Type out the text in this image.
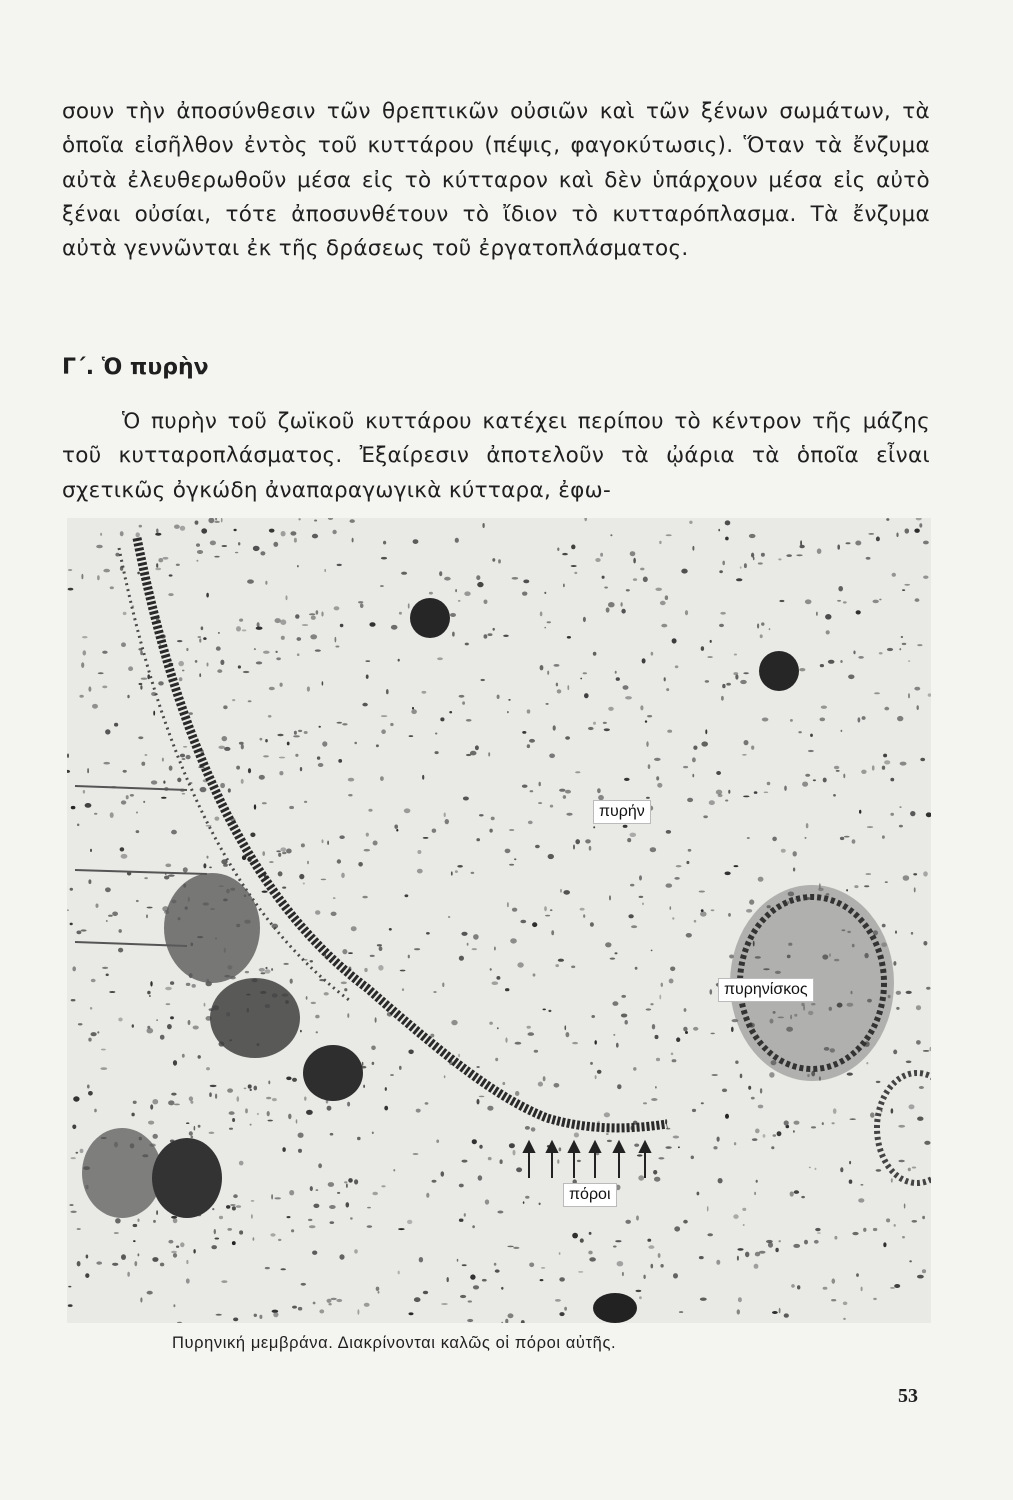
σουν τὴν ἀποσύνθεσιν τῶν θρεπτικῶν οὐσιῶν καὶ τῶν ξένων σωμάτων, τὰ ὁποῖα εἰσῆλθον ἐντὸς τοῦ κυττάρου (πέψις, φαγοκύτωσις). Ὅταν τὰ ἔνζυμα αὐτὰ ἐλευθερωθοῦν μέσα εἰς τὸ κύτταρον καὶ δὲν ὑπάρχουν μέσα εἰς αὐτὸ ξέναι οὐσίαι, τότε ἀποσυνθέτουν τὸ ἴδιον τὸ κυτταρόπλασμα. Τὰ ἔνζυμα αὐτὰ γεννῶνται ἐκ τῆς δράσεως τοῦ ἐργατοπλάσματος.

Γ΄. Ὁ πυρὴν

Ὁ πυρὴν τοῦ ζωϊκοῦ κυττάρου κατέχει περίπου τὸ κέντρον τῆς μάζης τοῦ κυτταροπλάσματος. Ἐξαίρεσιν ἀποτελοῦν τὰ ᾠάρια τὰ ὁποῖα εἶναι σχετικῶς ὀγκώδη ἀναπαραγωγικὰ κύτταρα, ἐφω-

πυρήν
πυρηνίσκος
πόροι

Πυρηνική μεμβράνα. Διακρίνονται καλῶς οἱ πόροι αὐτῆς.

53
